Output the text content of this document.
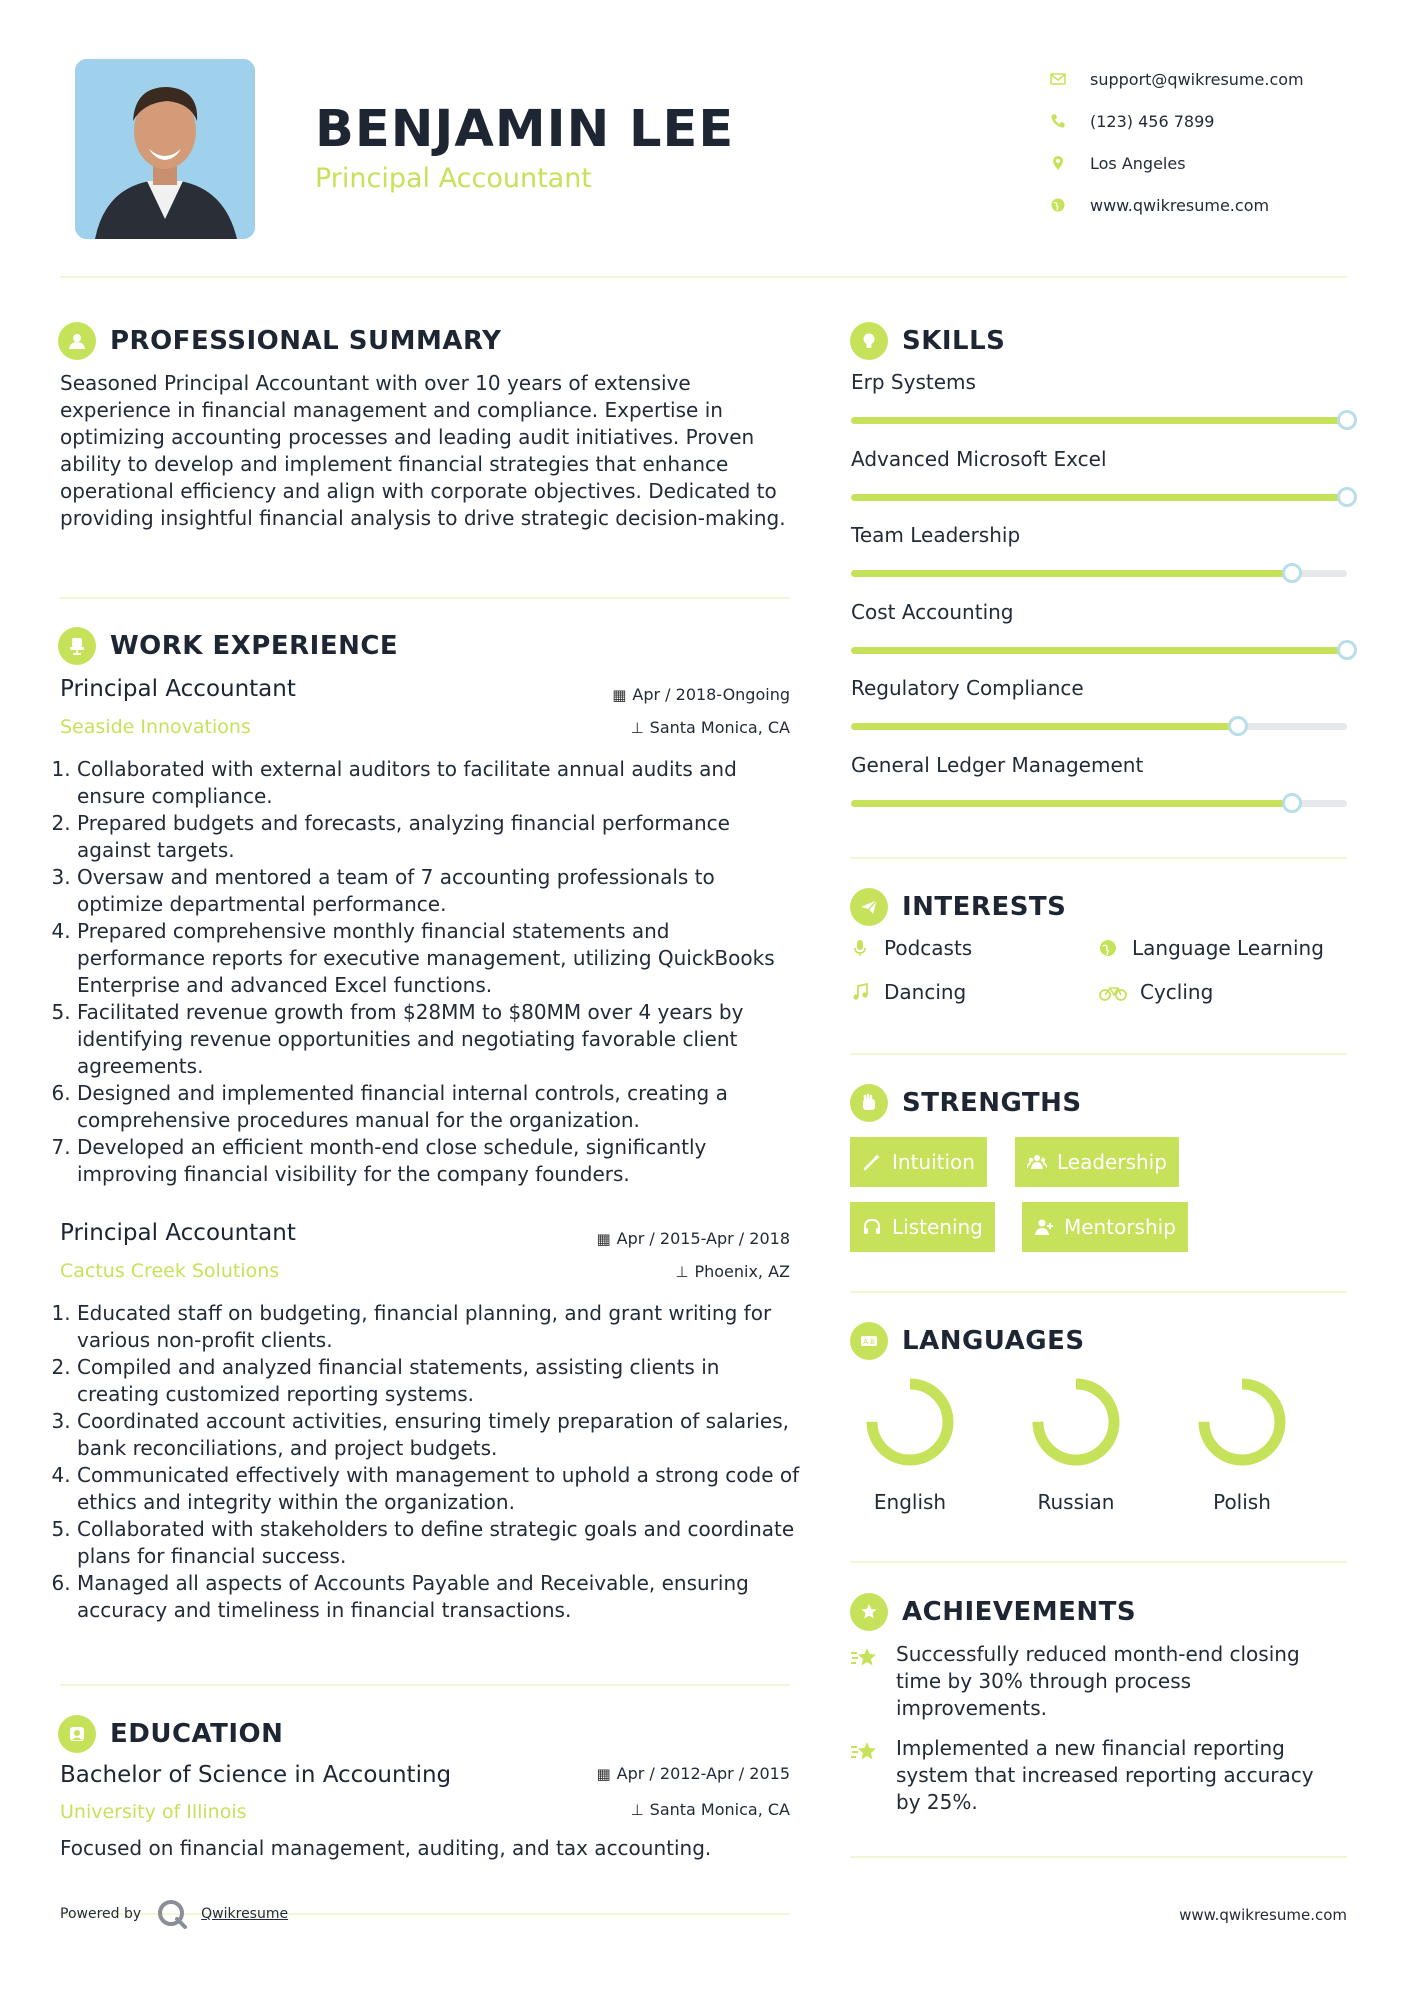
BENJAMIN LEE
Principal Accountant
support@qwikresume.com
(123) 456 7899
Los Angeles
www.qwikresume.com
PROFESSIONAL SUMMARY
Seasoned Principal Accountant with over 10 years of extensive experience in financial management and compliance. Expertise in optimizing accounting processes and leading audit initiatives. Proven ability to develop and implement financial strategies that enhance operational efficiency and align with corporate objectives. Dedicated to providing insightful financial analysis to drive strategic decision-making.
WORK EXPERIENCE
Principal Accountant
Seaside Innovations
▦ Apr / 2018-Ongoing
⊥ Santa Monica, CA
1. Collaborated with external auditors to facilitate annual audits and ensure compliance.
2. Prepared budgets and forecasts, analyzing financial performance against targets.
3. Oversaw and mentored a team of 7 accounting professionals to optimize departmental performance.
4. Prepared comprehensive monthly financial statements and performance reports for executive management, utilizing QuickBooks Enterprise and advanced Excel functions.
5. Facilitated revenue growth from $28MM to $80MM over 4 years by identifying revenue opportunities and negotiating favorable client agreements.
6. Designed and implemented financial internal controls, creating a comprehensive procedures manual for the organization.
7. Developed an efficient month-end close schedule, significantly improving financial visibility for the company founders.
Principal Accountant
Cactus Creek Solutions
▦ Apr / 2015-Apr / 2018
⊥ Phoenix, AZ
1. Educated staff on budgeting, financial planning, and grant writing for various non-profit clients.
2. Compiled and analyzed financial statements, assisting clients in creating customized reporting systems.
3. Coordinated account activities, ensuring timely preparation of salaries, bank reconciliations, and project budgets.
4. Communicated effectively with management to uphold a strong code of ethics and integrity within the organization.
5. Collaborated with stakeholders to define strategic goals and coordinate plans for financial success.
6. Managed all aspects of Accounts Payable and Receivable, ensuring accuracy and timeliness in financial transactions.
EDUCATION
Bachelor of Science in Accounting
University of Illinois
▦ Apr / 2012-Apr / 2015
⊥ Santa Monica, CA
Focused on financial management, auditing, and tax accounting.
SKILLS
Erp Systems
Advanced Microsoft Excel
Team Leadership
Cost Accounting
Regulatory Compliance
General Ledger Management
INTERESTS
Podcasts	Language Learning
Dancing	Cycling
STRENGTHS
Intuition	Leadership
Listening	Mentorship
A B LANGUAGES
English	Russian	Polish
ACHIEVEMENTS
Successfully reduced month-end closing time by 30% through process improvements.
Implemented a new financial reporting system that increased reporting accuracy by 25%.
Powered by	Qwikresume	www.qwikresume.com
